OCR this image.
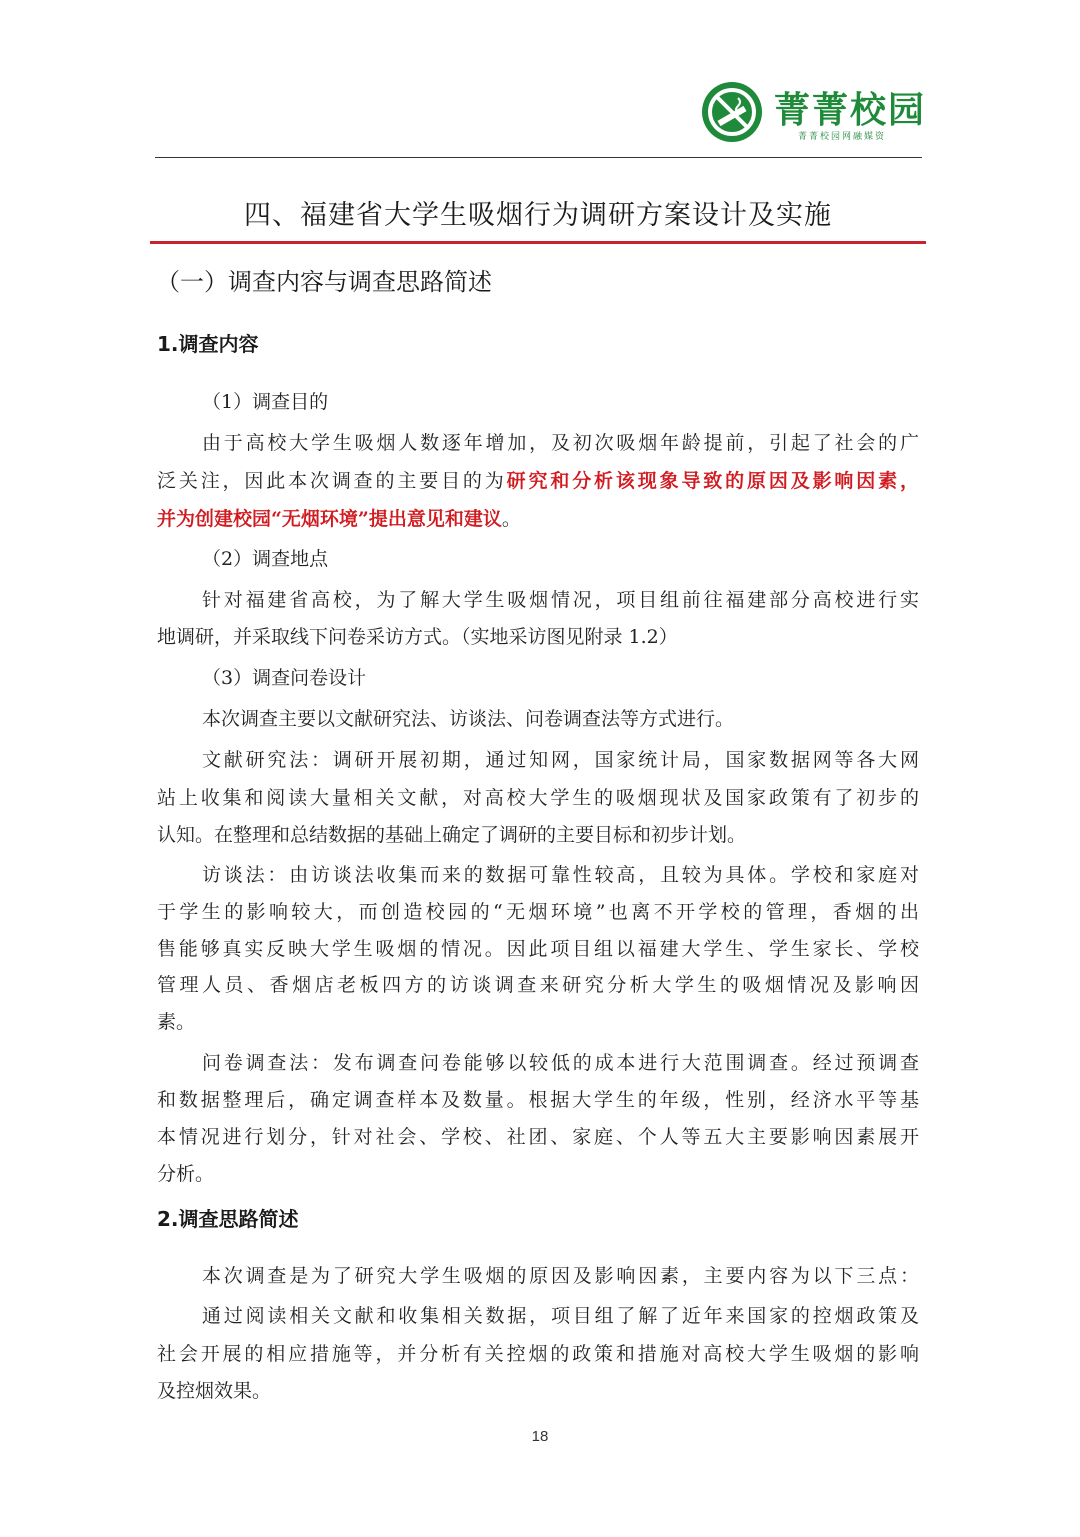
菁菁校园
菁菁校园网融媒资
四、福建省大学生吸烟行为调研方案设计及实施
（一）调查内容与调查思路简述
1.调查内容
（1）调查目的
由于高校大学生吸烟人数逐年增加，及初次吸烟年龄提前，引起了社会的广
泛关注，因此本次调查的主要目的为研究和分析该现象导致的原因及影响因素，
并为创建校园“无烟环境”提出意见和建议。
（2）调查地点
针对福建省高校，为了解大学生吸烟情况，项目组前往福建部分高校进行实
地调研，并采取线下问卷采访方式。（实地采访图见附录 1.2）
（3）调查问卷设计
本次调查主要以文献研究法、访谈法、问卷调查法等方式进行。
文献研究法：调研开展初期，通过知网，国家统计局，国家数据网等各大网
站上收集和阅读大量相关文献，对高校大学生的吸烟现状及国家政策有了初步的
认知。在整理和总结数据的基础上确定了调研的主要目标和初步计划。
访谈法：由访谈法收集而来的数据可靠性较高，且较为具体。学校和家庭对
于学生的影响较大，而创造校园的“无烟环境”也离不开学校的管理，香烟的出
售能够真实反映大学生吸烟的情况。因此项目组以福建大学生、学生家长、学校
管理人员、香烟店老板四方的访谈调查来研究分析大学生的吸烟情况及影响因
素。
问卷调查法：发布调查问卷能够以较低的成本进行大范围调查。经过预调查
和数据整理后，确定调查样本及数量。根据大学生的年级，性别，经济水平等基
本情况进行划分，针对社会、学校、社团、家庭、个人等五大主要影响因素展开
分析。
2.调查思路简述
本次调查是为了研究大学生吸烟的原因及影响因素，主要内容为以下三点：
通过阅读相关文献和收集相关数据，项目组了解了近年来国家的控烟政策及
社会开展的相应措施等，并分析有关控烟的政策和措施对高校大学生吸烟的影响
及控烟效果。
18
